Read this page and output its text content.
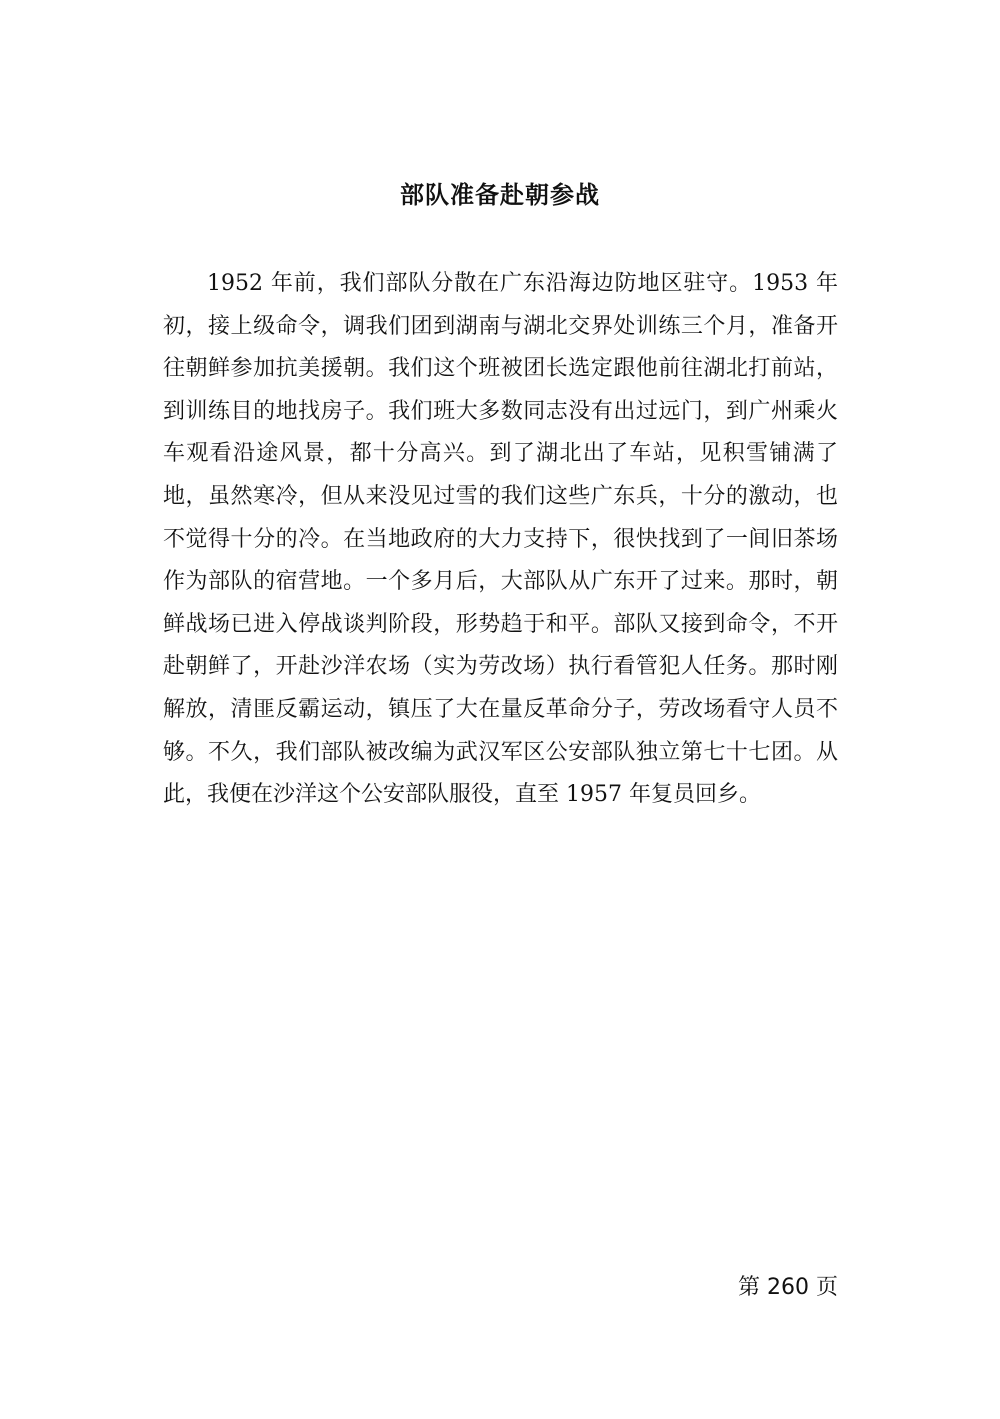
部队准备赴朝参战

1952 年前，我们部队分散在广东沿海边防地区驻守。1953 年初，接上级命令，调我们团到湖南与湖北交界处训练三个月，准备开往朝鲜参加抗美援朝。我们这个班被团长选定跟他前往湖北打前站，到训练目的地找房子。我们班大多数同志没有出过远门，到广州乘火车观看沿途风景，都十分高兴。到了湖北出了车站，见积雪铺满了地，虽然寒冷，但从来没见过雪的我们这些广东兵，十分的激动，也不觉得十分的冷。在当地政府的大力支持下，很快找到了一间旧茶场作为部队的宿营地。一个多月后，大部队从广东开了过来。那时，朝鲜战场已进入停战谈判阶段，形势趋于和平。部队又接到命令，不开赴朝鲜了，开赴沙洋农场（实为劳改场）执行看管犯人任务。那时刚解放，清匪反霸运动，镇压了大在量反革命分子，劳改场看守人员不够。不久，我们部队被改编为武汉军区公安部队独立第七十七团。从此，我便在沙洋这个公安部队服役，直至 1957 年复员回乡。

第 260 页
